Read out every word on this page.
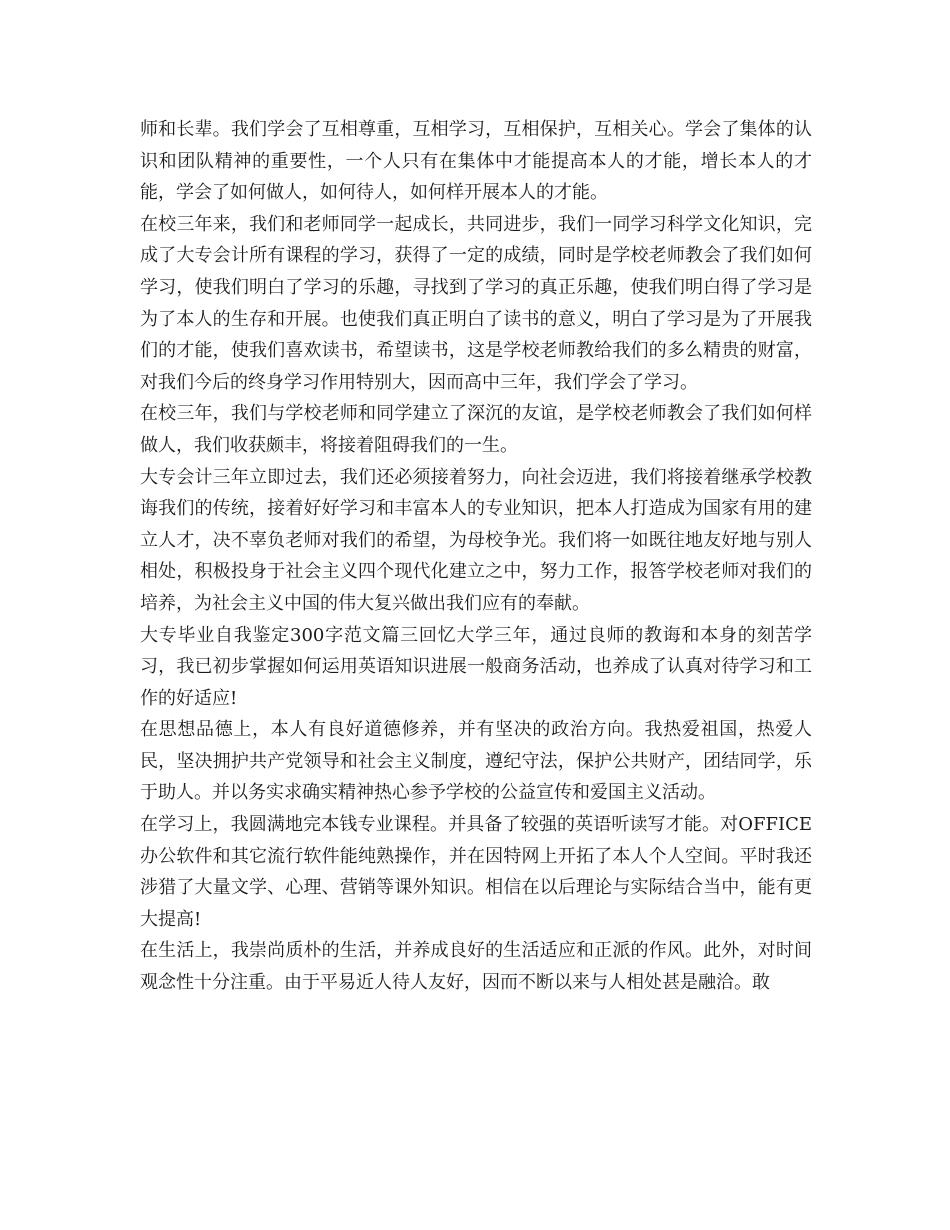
师和长辈。我们学会了互相尊重，互相学习，互相保护，互相关心。学会了集体的认识和团队精神的重要性，一个人只有在集体中才能提高本人的才能，增长本人的才能，学会了如何做人，如何待人，如何样开展本人的才能。

在校三年来，我们和老师同学一起成长，共同进步，我们一同学习科学文化知识，完成了大专会计所有课程的学习，获得了一定的成绩，同时是学校老师教会了我们如何学习，使我们明白了学习的乐趣，寻找到了学习的真正乐趣，使我们明白得了学习是为了本人的生存和开展。也使我们真正明白了读书的意义，明白了学习是为了开展我们的才能，使我们喜欢读书，希望读书，这是学校老师教给我们的多么精贵的财富，对我们今后的终身学习作用特别大，因而高中三年，我们学会了学习。

在校三年，我们与学校老师和同学建立了深沉的友谊，是学校老师教会了我们如何样做人，我们收获颇丰，将接着阻碍我们的一生。

大专会计三年立即过去，我们还必须接着努力，向社会迈进，我们将接着继承学校教诲我们的传统，接着好好学习和丰富本人的专业知识，把本人打造成为国家有用的建立人才，决不辜负老师对我们的希望，为母校争光。我们将一如既往地友好地与别人相处，积极投身于社会主义四个现代化建立之中，努力工作，报答学校老师对我们的培养，为社会主义中国的伟大复兴做出我们应有的奉献。

大专毕业自我鉴定300字范文篇三回忆大学三年，通过良师的教诲和本身的刻苦学习，我已初步掌握如何运用英语知识进展一般商务活动，也养成了认真对待学习和工作的好适应!

在思想品德上，本人有良好道德修养，并有坚决的政治方向。我热爱祖国，热爱人民，坚决拥护共产党领导和社会主义制度，遵纪守法，保护公共财产，团结同学，乐于助人。并以务实求确实精神热心参予学校的公益宣传和爱国主义活动。

在学习上，我圆满地完本钱专业课程。并具备了较强的英语听读写才能。对OFFICE办公软件和其它流行软件能纯熟操作，并在因特网上开拓了本人个人空间。平时我还涉猎了大量文学、心理、营销等课外知识。相信在以后理论与实际结合当中，能有更大提高!

在生活上，我崇尚质朴的生活，并养成良好的生活适应和正派的作风。此外，对时间观念性十分注重。由于平易近人待人友好，因而不断以来与人相处甚是融洽。敢
